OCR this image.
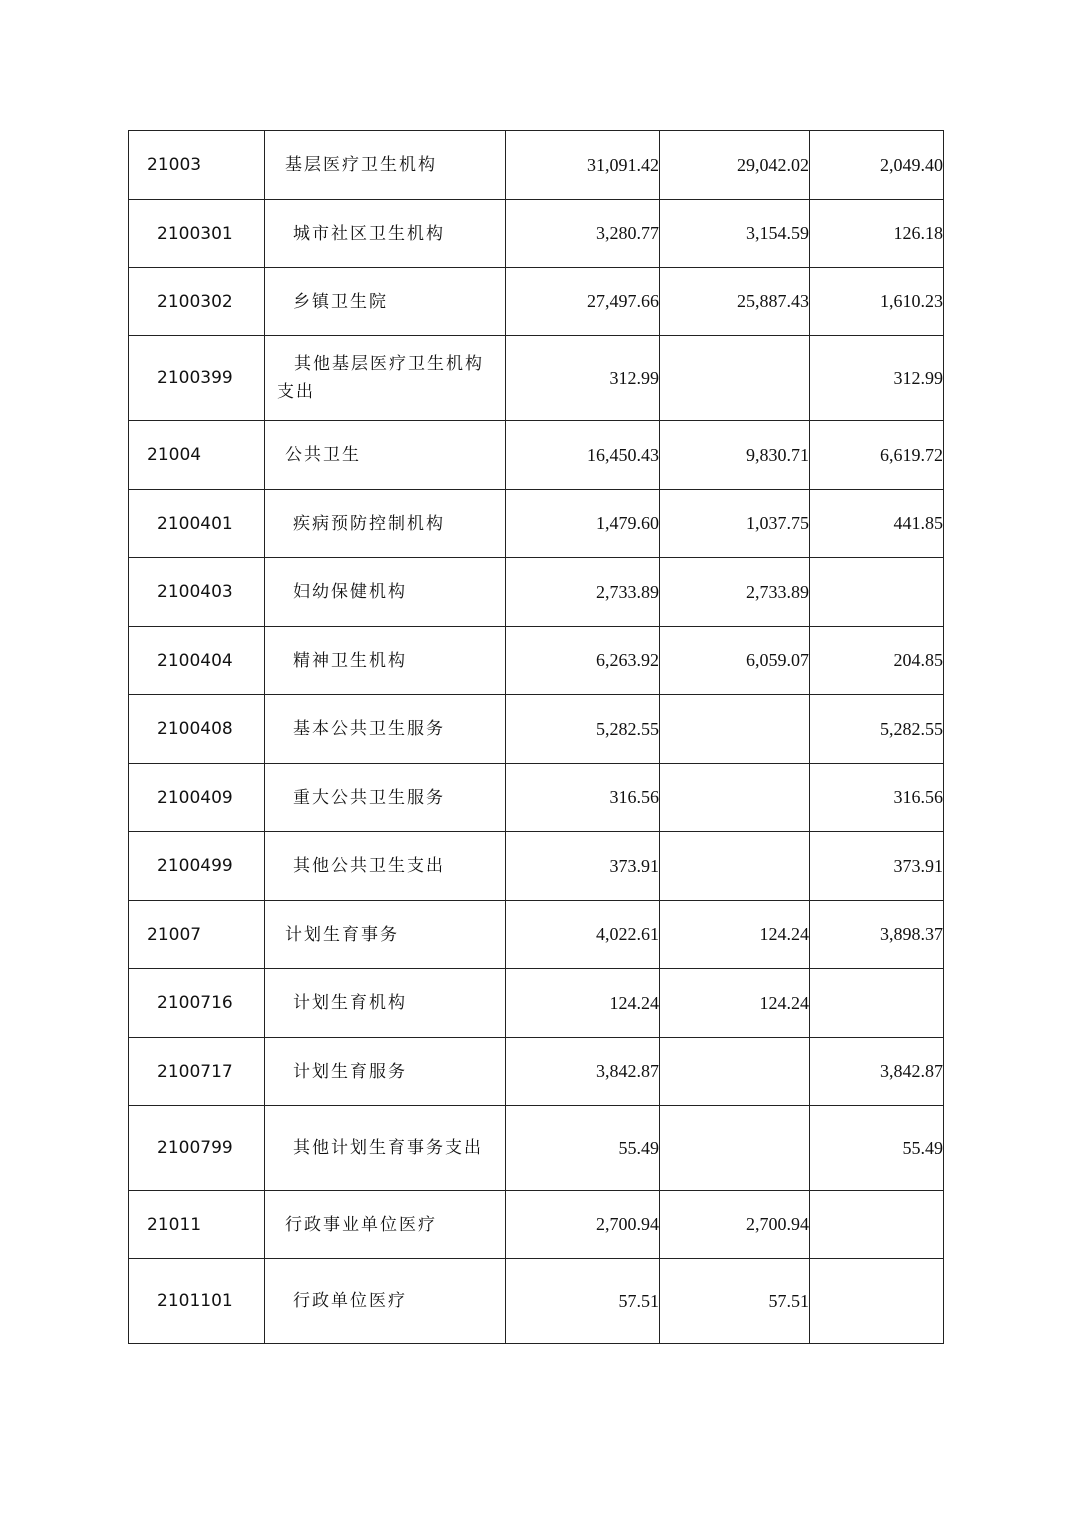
21003	基层医疗卫生机构	31,091.42	29,042.02	2,049.40
2100301	城市社区卫生机构	3,280.77	3,154.59	126.18
2100302	乡镇卫生院	27,497.66	25,887.43	1,610.23
2100399	其他基层医疗卫生机构支出	312.99		312.99
21004	公共卫生	16,450.43	9,830.71	6,619.72
2100401	疾病预防控制机构	1,479.60	1,037.75	441.85
2100403	妇幼保健机构	2,733.89	2,733.89	
2100404	精神卫生机构	6,263.92	6,059.07	204.85
2100408	基本公共卫生服务	5,282.55		5,282.55
2100409	重大公共卫生服务	316.56		316.56
2100499	其他公共卫生支出	373.91		373.91
21007	计划生育事务	4,022.61	124.24	3,898.37
2100716	计划生育机构	124.24	124.24	
2100717	计划生育服务	3,842.87		3,842.87
2100799	其他计划生育事务支出	55.49		55.49
21011	行政事业单位医疗	2,700.94	2,700.94	
2101101	行政单位医疗	57.51	57.51	
